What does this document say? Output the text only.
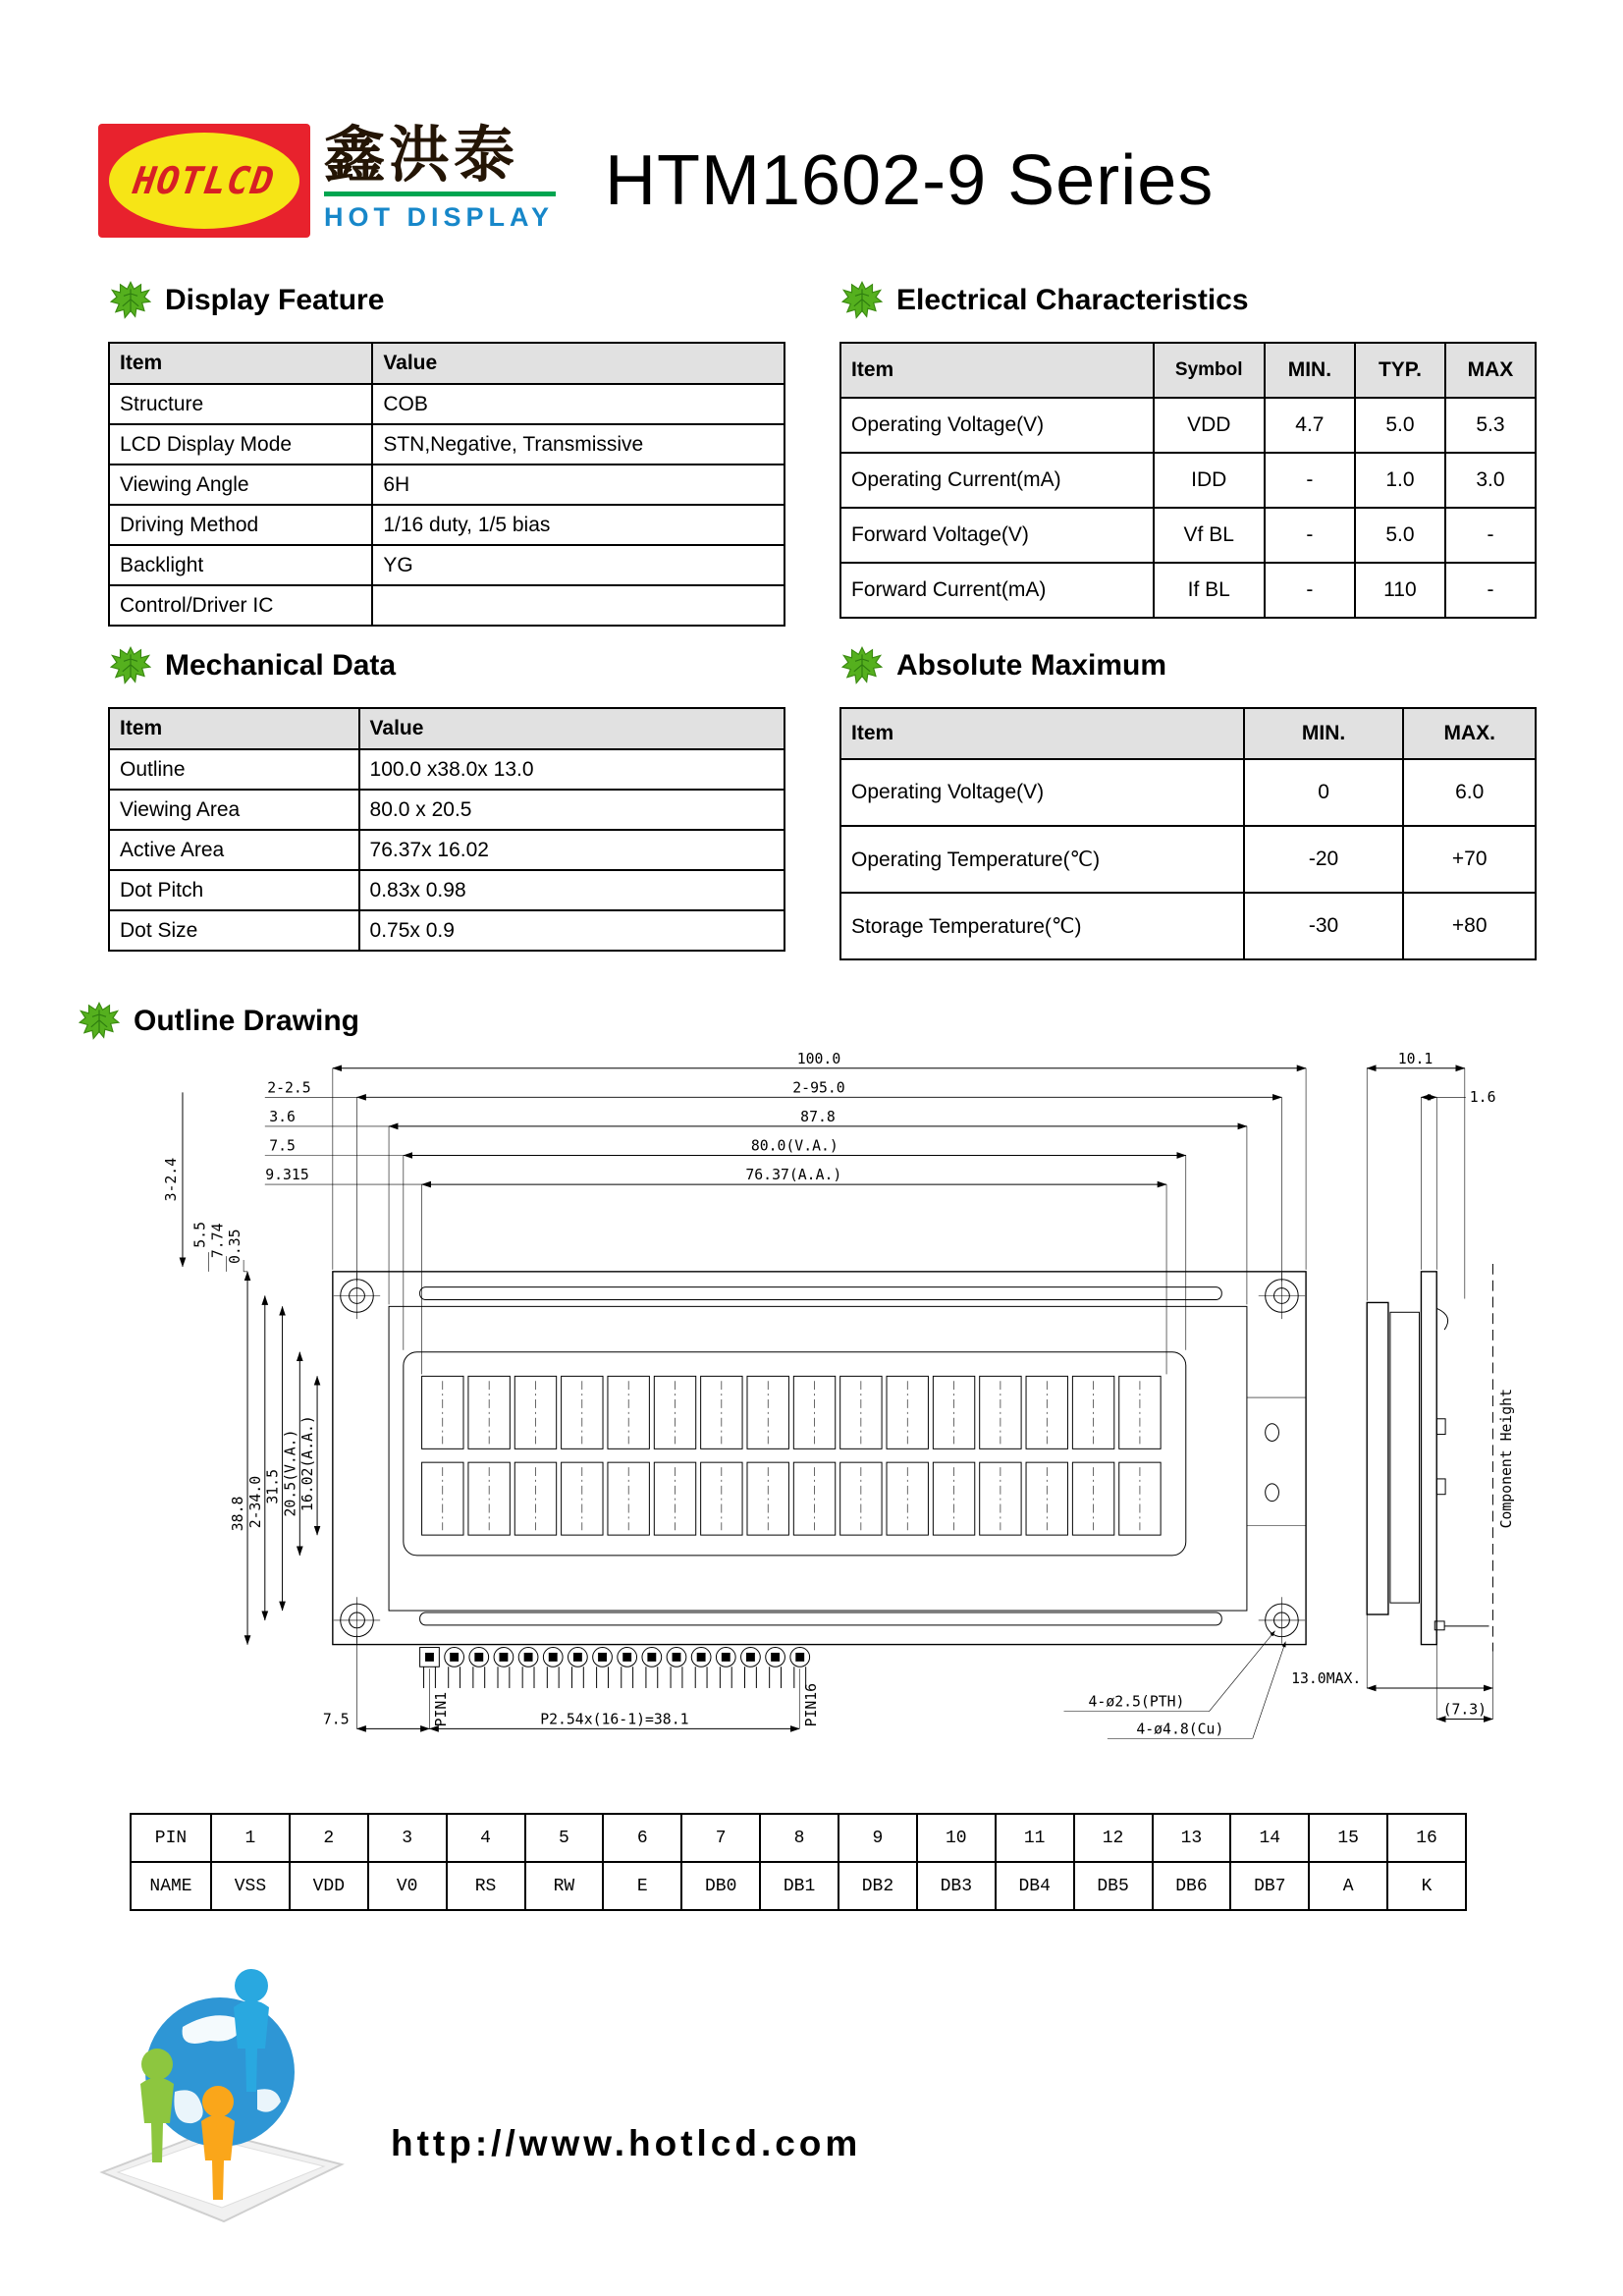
HOTLCD 鑫洪泰
HOT DISPLAY HTM1602-9 Series
Display Feature
Item	Value
Structure	COB
LCD Display Mode	STN,Negative, Transmissive
Viewing Angle	6H
Driving Method	1/16 duty, 1/5 bias
Backlight	YG
Control/Driver IC	
Electrical Characteristics
Item	Symbol	MIN.	TYP.	MAX
Operating Voltage(V)	VDD	4.7	5.0	5.3
Operating Current(mA)	IDD	-	1.0	3.0
Forward Voltage(V)	Vf BL	-	5.0	-
Forward Current(mA)	If BL	-	110	-
Mechanical Data
Item	Value
Outline	100.0 x38.0x 13.0
Viewing Area	80.0 x 20.5
Active Area	76.37x 16.02
Dot Pitch	0.83x 0.98
Dot Size	0.75x 0.9
Absolute Maximum
Item	MIN.	MAX.
Operating Voltage(V)	0	6.0
Operating Temperature(℃)	-20	+70
Storage Temperature(℃)	-30	+80
Outline Drawing
100.0
2-95.0
87.8
80.0(V.A.)
76.37(A.A.)
2-2.5
3.6
7.5
9.315
3-2.4
5.5 7.74 0.35
38.8 2-34.0 31.5 20.5(V.A.) 16.02(A.A.)
7.5	P2.54x(16-1)=38.1
PIN1	PIN16	4-ø2.5(PTH)
4-ø4.8(Cu)
10.1
1.6
Component Height
13.0MAX.
(7.3)
PIN	1	2	3	4	5	6	7	8	9	10	11	12	13	14	15	16
NAME	VSS	VDD	V0	RS	RW	E	DB0	DB1	DB2	DB3	DB4	DB5	DB6	DB7	A	K

http://www.hotlcd.com
